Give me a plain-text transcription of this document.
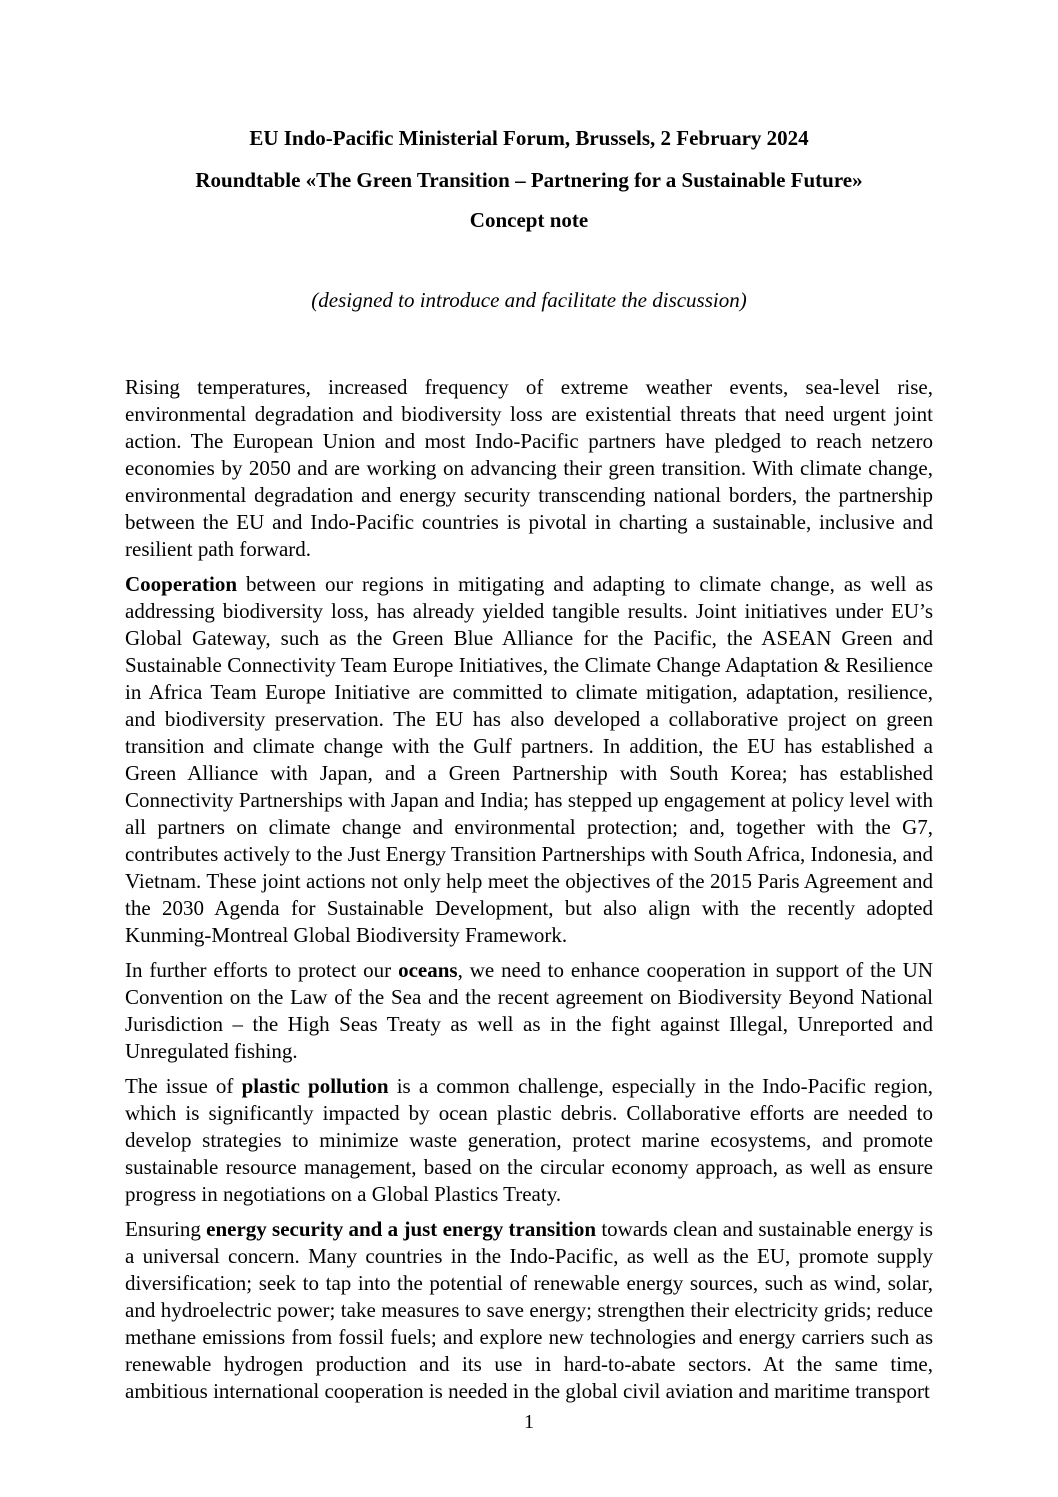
EU Indo-Pacific Ministerial Forum, Brussels, 2 February 2024
Roundtable «The Green Transition – Partnering for a Sustainable Future»
Concept note
(designed to introduce and facilitate the discussion)

Rising temperatures, increased frequency of extreme weather events, sea-level rise, environmental degradation and biodiversity loss are existential threats that need urgent joint action. The European Union and most Indo-Pacific partners have pledged to reach netzero economies by 2050 and are working on advancing their green transition. With climate change, environmental degradation and energy security transcending national borders, the partnership between the EU and Indo-Pacific countries is pivotal in charting a sustainable, inclusive and resilient path forward.

Cooperation between our regions in mitigating and adapting to climate change, as well as addressing biodiversity loss, has already yielded tangible results. Joint initiatives under EU’s Global Gateway, such as the Green Blue Alliance for the Pacific, the ASEAN Green and Sustainable Connectivity Team Europe Initiatives, the Climate Change Adaptation & Resilience in Africa Team Europe Initiative are committed to climate mitigation, adaptation, resilience, and biodiversity preservation. The EU has also developed a collaborative project on green transition and climate change with the Gulf partners. In addition, the EU has established a Green Alliance with Japan, and a Green Partnership with South Korea; has established Connectivity Partnerships with Japan and India; has stepped up engagement at policy level with all partners on climate change and environmental protection; and, together with the G7, contributes actively to the Just Energy Transition Partnerships with South Africa, Indonesia, and Vietnam. These joint actions not only help meet the objectives of the 2015 Paris Agreement and the 2030 Agenda for Sustainable Development, but also align with the recently adopted Kunming-Montreal Global Biodiversity Framework.

In further efforts to protect our oceans, we need to enhance cooperation in support of the UN Convention on the Law of the Sea and the recent agreement on Biodiversity Beyond National Jurisdiction – the High Seas Treaty as well as in the fight against Illegal, Unreported and Unregulated fishing.

The issue of plastic pollution is a common challenge, especially in the Indo-Pacific region, which is significantly impacted by ocean plastic debris. Collaborative efforts are needed to develop strategies to minimize waste generation, protect marine ecosystems, and promote sustainable resource management, based on the circular economy approach, as well as ensure progress in negotiations on a Global Plastics Treaty.

Ensuring energy security and a just energy transition towards clean and sustainable energy is a universal concern. Many countries in the Indo-Pacific, as well as the EU, promote supply diversification; seek to tap into the potential of renewable energy sources, such as wind, solar, and hydroelectric power; take measures to save energy; strengthen their electricity grids; reduce methane emissions from fossil fuels; and explore new technologies and energy carriers such as renewable hydrogen production and its use in hard-to-abate sectors. At the same time, ambitious international cooperation is needed in the global civil aviation and maritime transport

1
